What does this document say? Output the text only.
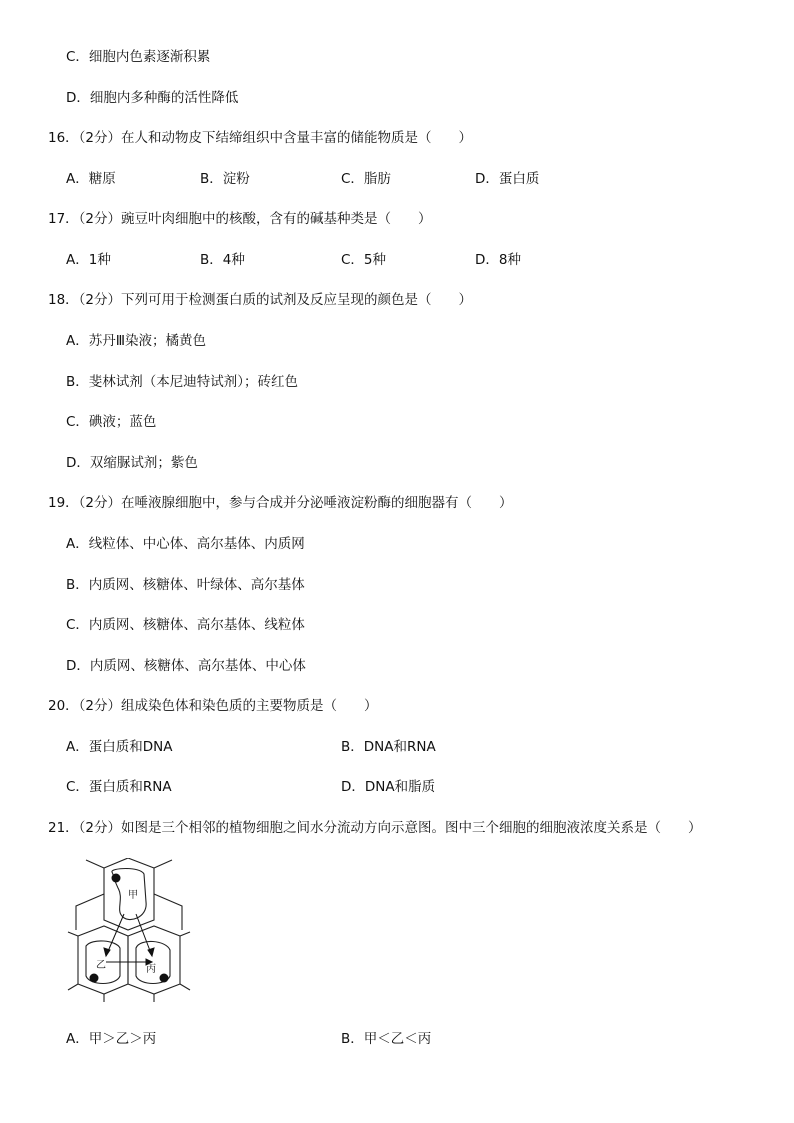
C．细胞内色素逐渐积累
D．细胞内多种酶的活性降低
16．（2分）在人和动物皮下结缔组织中含量丰富的储能物质是（　　）
A．糖原	B．淀粉	C．脂肪	D．蛋白质
17．（2分）豌豆叶肉细胞中的核酸，含有的碱基种类是（　　）
A．1种	B．4种	C．5种	D．8种
18．（2分）下列可用于检测蛋白质的试剂及反应呈现的颜色是（　　）
A．苏丹Ⅲ染液；橘黄色
B．斐林试剂（本尼迪特试剂）；砖红色
C．碘液；蓝色
D．双缩脲试剂；紫色
19．（2分）在唾液腺细胞中，参与合成并分泌唾液淀粉酶的细胞器有（　　）
A．线粒体、中心体、高尔基体、内质网
B．内质网、核糖体、叶绿体、高尔基体
C．内质网、核糖体、高尔基体、线粒体
D．内质网、核糖体、高尔基体、中心体
20．（2分）组成染色体和染色质的主要物质是（　　）
A．蛋白质和DNA	B．DNA和RNA
C．蛋白质和RNA	D．DNA和脂质
21．（2分）如图是三个相邻的植物细胞之间水分流动方向示意图。图中三个细胞的细胞液浓度关系是（　　）
甲
乙	丙
A．甲＞乙＞丙	B．甲＜乙＜丙
